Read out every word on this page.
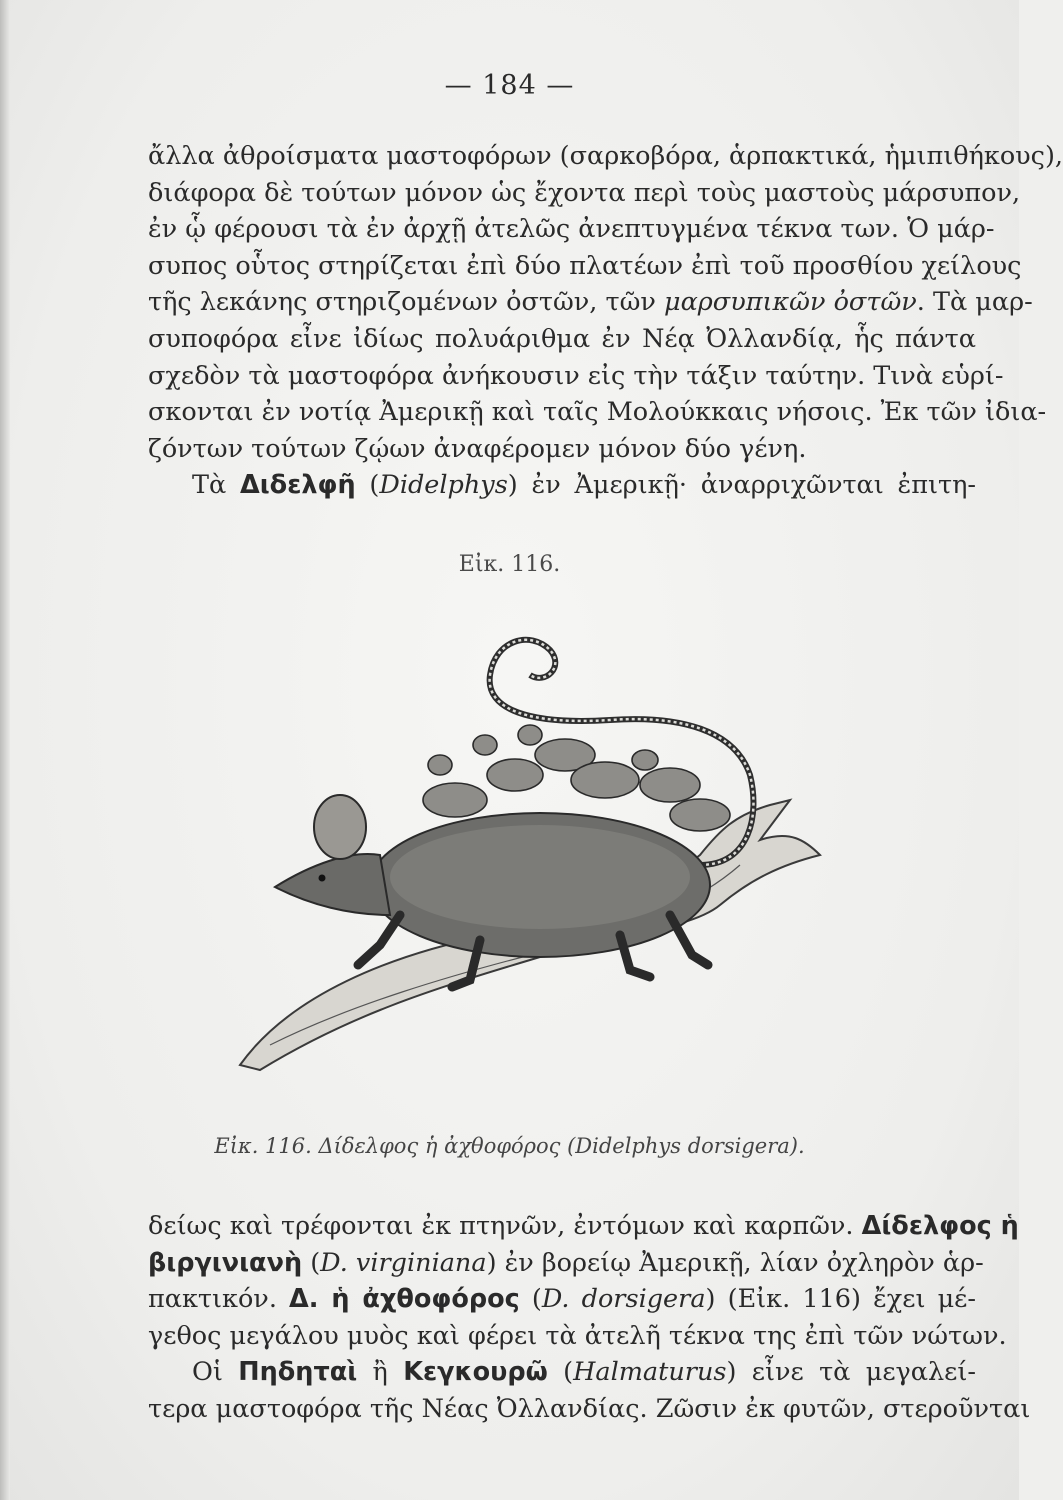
— 184 —
ἄλλα ἀθροίσματα μαστοφόρων (σαρκοβόρα, ἁρπακτικά, ἡμιπιθήκους),
διάφορα δὲ τούτων μόνον ὡς ἔχοντα περὶ τοὺς μαστοὺς μάρσυπον,
ἐν ᾧ φέρουσι τὰ ἐν ἀρχῇ ἀτελῶς ἀνεπτυγμένα τέκνα των. Ὁ μάρ-
συπος οὗτος στηρίζεται ἐπὶ δύο πλατέων ἐπὶ τοῦ προσθίου χείλους
τῆς λεκάνης στηριζομένων ὀστῶν, τῶν μαρσυπικῶν ὀστῶν. Τὰ μαρ-
συποφόρα εἶνε ἰδίως πολυάριθμα ἐν Νέᾳ Ὀλλανδίᾳ, ἧς πάντα
σχεδὸν τὰ μαστοφόρα ἀνήκουσιν εἰς τὴν τάξιν ταύτην. Τινὰ εὑρί-
σκονται ἐν νοτίᾳ Ἀμερικῇ καὶ ταῖς Μολούκκαις νήσοις. Ἐκ τῶν ἰδια-
ζόντων τούτων ζῴων ἀναφέρομεν μόνον δύο γένη.
Τὰ Διδελφῆ (Didelphys) ἐν Ἀμερικῇ· ἀναρριχῶνται ἐπιτη-
Εἰκ. 116.
Εἰκ. 116. Δίδελφος ἡ ἀχθοφόρος (Didelphys dorsigera).
δείως καὶ τρέφονται ἐκ πτηνῶν, ἐντόμων καὶ καρπῶν. Δίδελφος ἡ
βιργινιανὴ (D. virginiana) ἐν βορείῳ Ἀμερικῇ, λίαν ὀχληρὸν ἁρ-
πακτικόν. Δ. ἡ ἀχθοφόρος (D. dorsigera) (Εἰκ. 116) ἔχει μέ-
γεθος μεγάλου μυὸς καὶ φέρει τὰ ἀτελῆ τέκνα της ἐπὶ τῶν νώτων.
Οἱ Πηδηταὶ ἢ Κεγκουρῶ (Halmaturus) εἶνε τὰ μεγαλεί-
τερα μαστοφόρα τῆς Νέας Ὀλλανδίας. Ζῶσιν ἐκ φυτῶν, στεροῦνται
